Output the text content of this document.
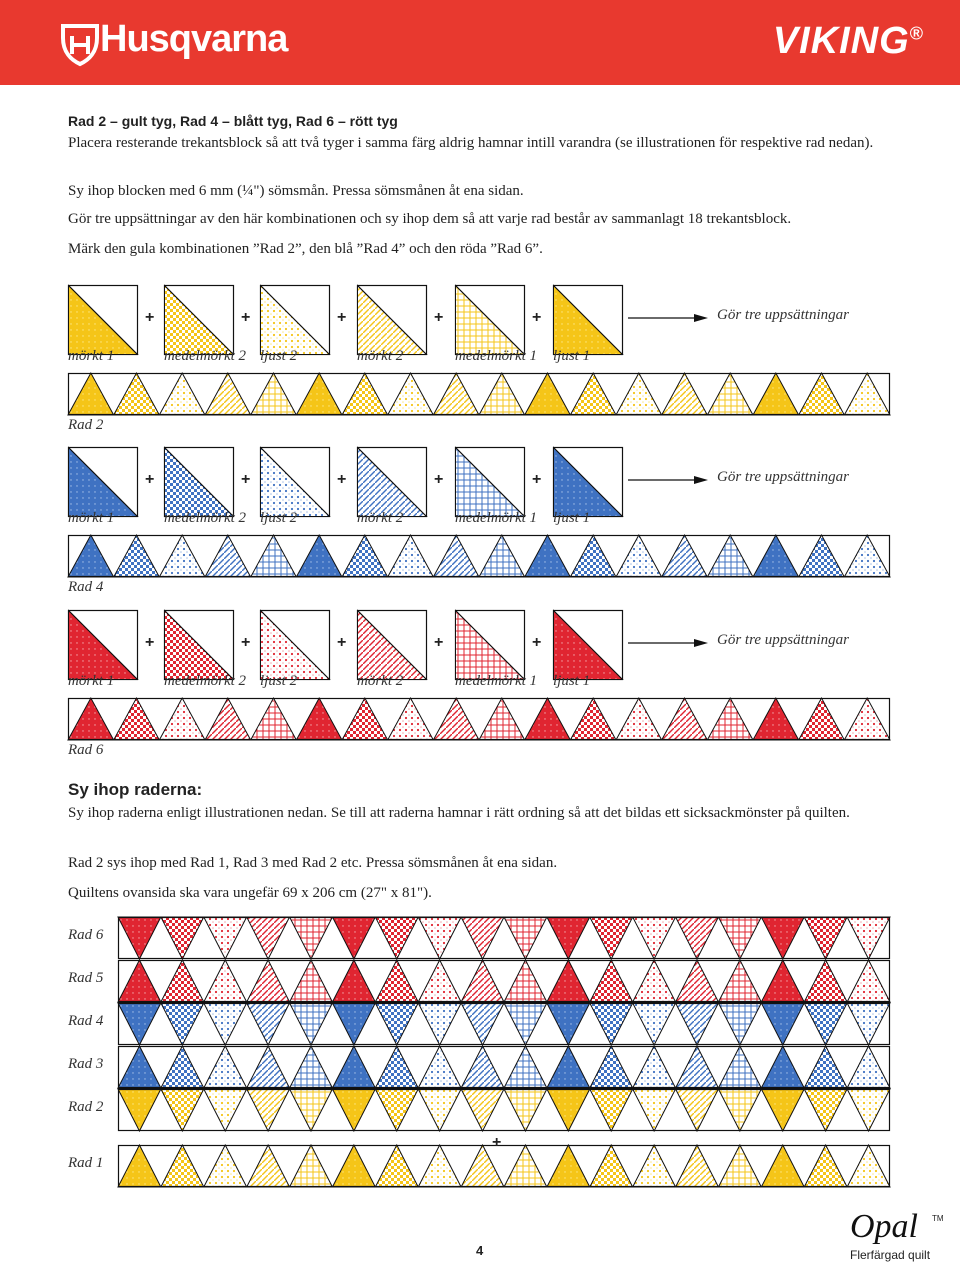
Husqvarna	VIKING®
Rad 2 – gult tyg, Rad 4 – blått tyg, Rad 6 – rött tyg
Placera resterande trekantsblock så att två tyger i samma färg aldrig hamnar intill varandra (se illustrationen för respektive rad nedan).
Sy ihop blocken med 6 mm (¼") sömsmån. Pressa sömsmånen åt ena sidan.
Gör tre uppsättningar av den här kombinationen och sy ihop dem så att varje rad består av sammanlagt 18 trekantsblock.
Märk den gula kombinationen ”Rad 2”, den blå ”Rad 4” och den röda ”Rad 6”.
mörkt 1
+
medelmörkt 2
+
ljust 2
+
mörkt 2
+
medelmörkt 1
+
ljust 1
Gör tre uppsättningar
Rad 2
mörkt 1
+
medelmörkt 2
+
ljust 2
+
mörkt 2
+
medelmörkt 1
+
ljust 1
Gör tre uppsättningar
Rad 4
mörkt 1
+
medelmörkt 2
+
ljust 2
+
mörkt 2
+
medelmörkt 1
+
ljust 1
Gör tre uppsättningar
Rad 6
Sy ihop raderna:
Sy ihop raderna enligt illustrationen nedan. Se till att raderna hamnar i rätt ordning så att det bildas ett sicksackmönster på quilten.
Rad 2 sys ihop med Rad 1, Rad 3 med Rad 2 etc. Pressa sömsmånen åt ena sidan.
Quiltens ovansida ska vara ungefär 69 x 206 cm (27" x 81").
Rad 6
Rad 5
Rad 4
Rad 3
Rad 2
Rad 1
+
4
Opal TM
Flerfärgad quilt
